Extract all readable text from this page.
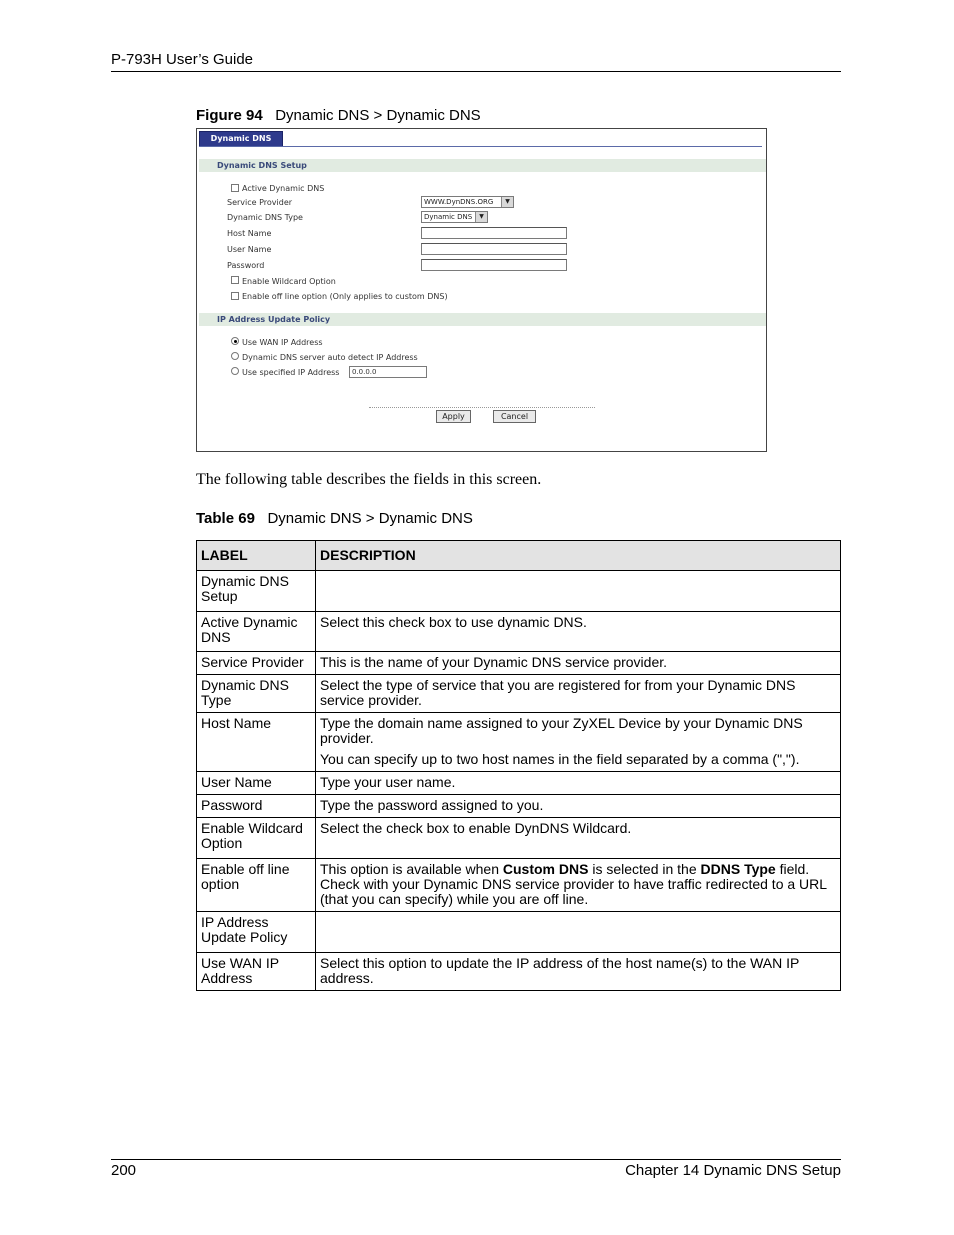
P-793H User’s Guide
Figure 94 Dynamic DNS > Dynamic DNS
Dynamic DNS
Dynamic DNS Setup
Active Dynamic DNS
Service Provider	WWW.DynDNS.ORG	▼
Dynamic DNS Type	Dynamic DNS	▼
Host Name
User Name
Password
Enable Wildcard Option
Enable off line option (Only applies to custom DNS)
IP Address Update Policy
Use WAN IP Address
Dynamic DNS server auto detect IP Address
Use specified IP Address	0.0.0.0
Apply	Cancel
The following table describes the fields in this screen.
Table 69 Dynamic DNS > Dynamic DNS
LABEL	DESCRIPTION
Dynamic DNS Setup	
Active Dynamic DNS	Select this check box to use dynamic DNS.
Service Provider	This is the name of your Dynamic DNS service provider.
Dynamic DNS Type	Select the type of service that you are registered for from your Dynamic DNS service provider.
Host Name	Type the domain name assigned to your ZyXEL Device by your Dynamic DNS provider.

You can specify up to two host names in the field separated by a comma (",").

User Name	Type your user name.
Password	Type the password assigned to you.
Enable Wildcard Option	Select the check box to enable DynDNS Wildcard.
Enable off line option	This option is available when Custom DNS is selected in the DDNS Type field. Check with your Dynamic DNS service provider to have traffic redirected to a URL (that you can specify) while you are off line.
IP Address Update Policy	
Use WAN IP Address	Select this option to update the IP address of the host name(s) to the WAN IP address.
200	Chapter 14 Dynamic DNS Setup
